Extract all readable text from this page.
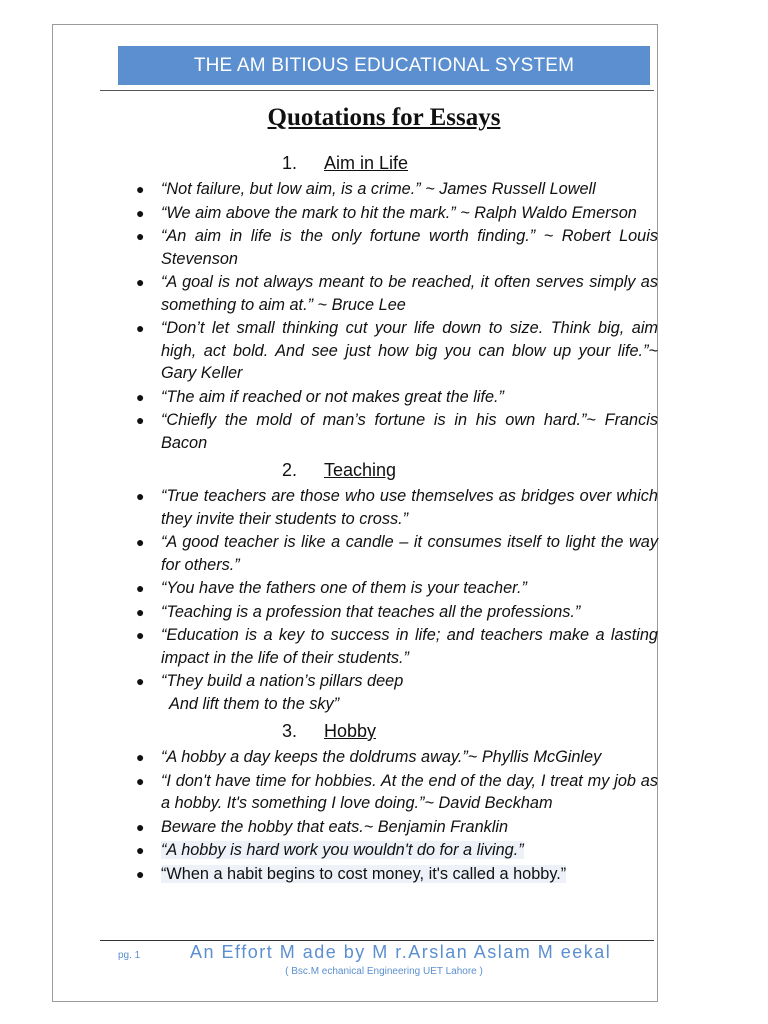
THE AM BITIOUS EDUCATIONAL SYSTEM
Quotations for Essays
1.	Aim in Life
● “Not failure, but low aim, is a crime.” ~ James Russell Lowell
● “We aim above the mark to hit the mark.” ~ Ralph Waldo Emerson
● “An aim in life is the only fortune worth finding.” ~ Robert Louis Stevenson
● “A goal is not always meant to be reached, it often serves simply as something to aim at.” ~ Bruce Lee
● “Don’t let small thinking cut your life down to size. Think big, aim high, act bold. And see just how big you can blow up your life.”~ Gary Keller
● “The aim if reached or not makes great the life.”
● “Chiefly the mold of man’s fortune is in his own hard.”~ Francis Bacon
2.	Teaching
● “True teachers are those who use themselves as bridges over which they invite their students to cross.”
● “A good teacher is like a candle – it consumes itself to light the way for others.”
● “You have the fathers one of them is your teacher.”
● “Teaching is a profession that teaches all the professions.”
● “Education is a key to success in life; and teachers make a lasting impact in the life of their students.”
● “They build a nation’s pillars deep
And lift them to the sky”
3.	Hobby
● “A hobby a day keeps the doldrums away.”~ Phyllis McGinley
● “I don't have time for hobbies. At the end of the day, I treat my job as a hobby. It's something I love doing.”~ David Beckham
● Beware the hobby that eats.~ Benjamin Franklin
● “A hobby is hard work you wouldn't do for a living.”
● “When a habit begins to cost money, it's called a hobby.”
pg. 1	An Effort M ade by M r.Arslan Aslam M eekal
( Bsc.M echanical Engineering UET Lahore )
